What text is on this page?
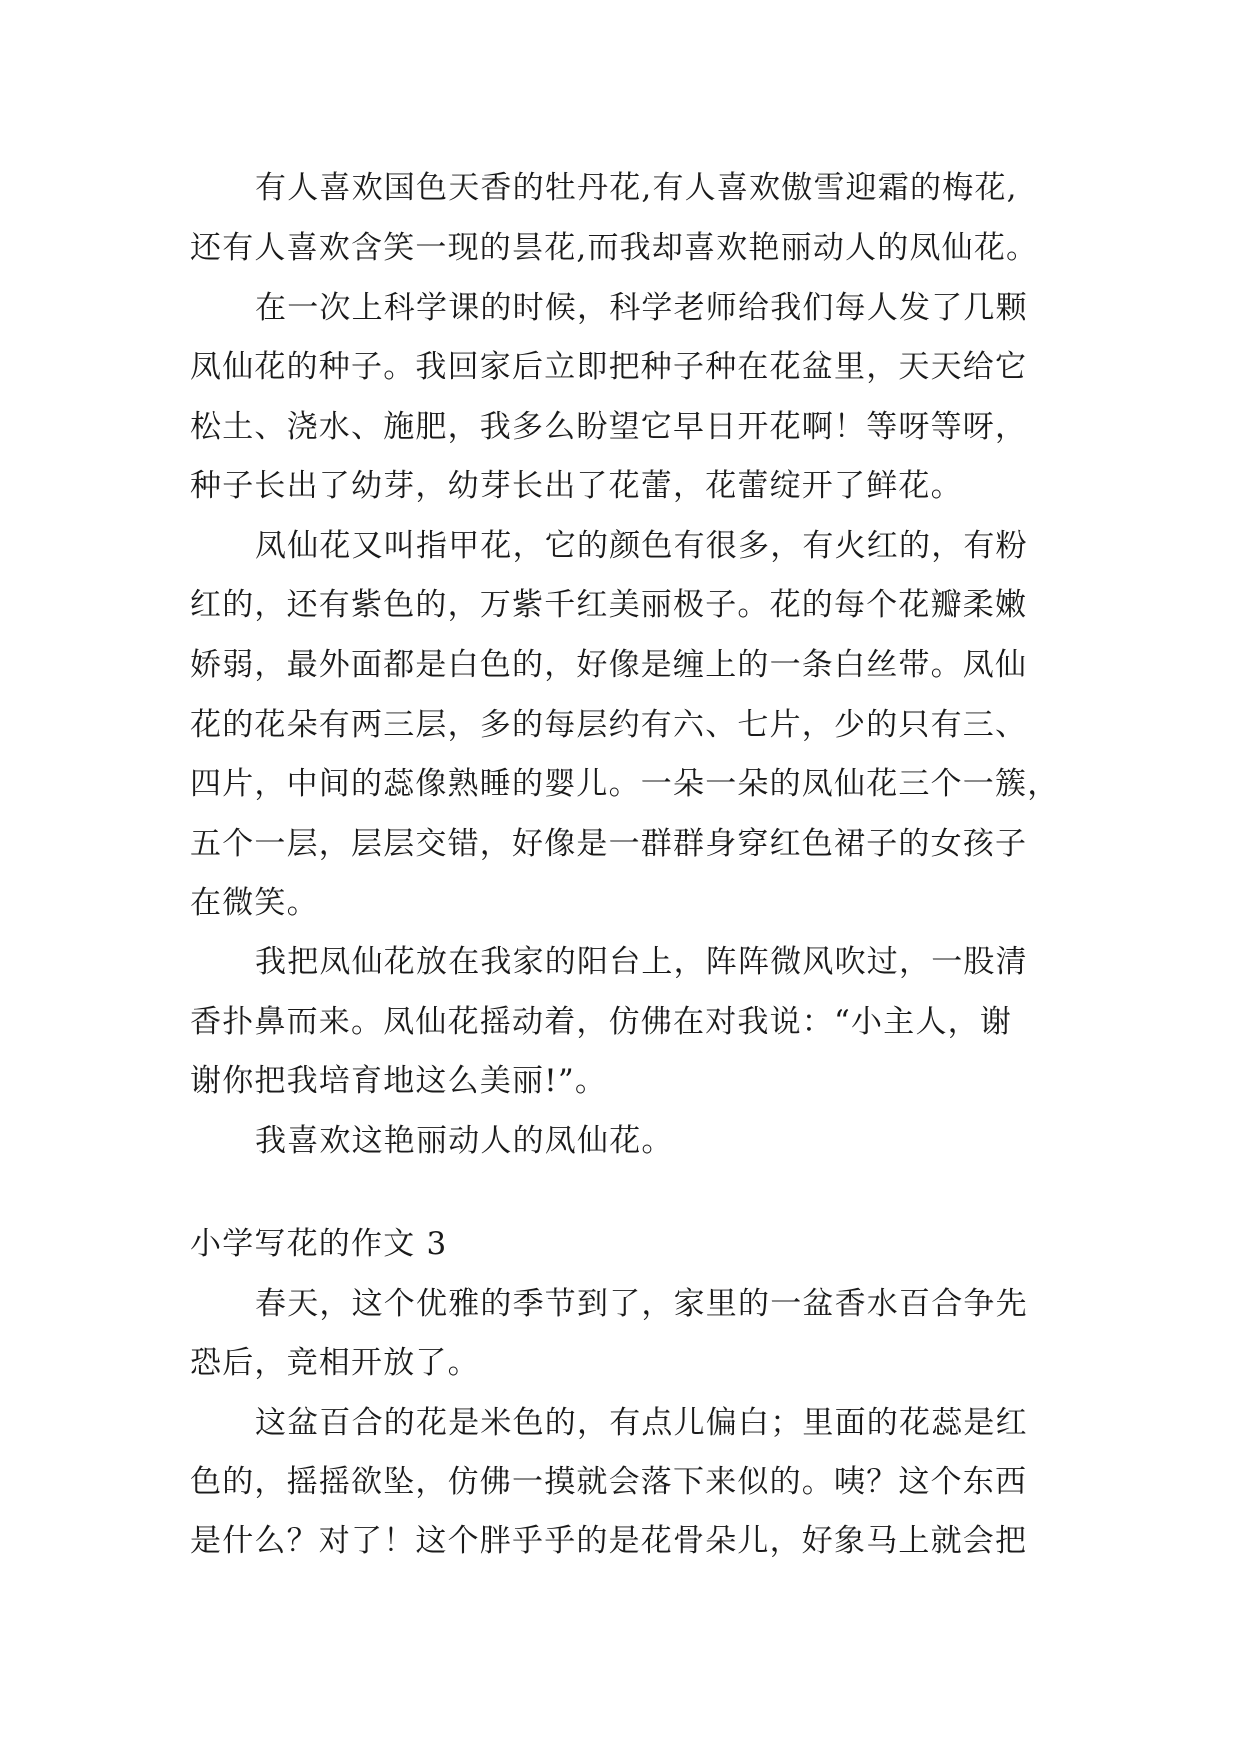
有人喜欢国色天香的牡丹花,有人喜欢傲雪迎霜的梅花,
还有人喜欢含笑一现的昙花,而我却喜欢艳丽动人的凤仙花。
在一次上科学课的时候，科学老师给我们每人发了几颗
凤仙花的种子。我回家后立即把种子种在花盆里，天天给它
松土、浇水、施肥，我多么盼望它早日开花啊！等呀等呀，
种子长出了幼芽，幼芽长出了花蕾，花蕾绽开了鲜花。
凤仙花又叫指甲花，它的颜色有很多，有火红的，有粉
红的，还有紫色的，万紫千红美丽极子。花的每个花瓣柔嫩
娇弱，最外面都是白色的，好像是缠上的一条白丝带。凤仙
花的花朵有两三层，多的每层约有六、七片，少的只有三、
四片，中间的蕊像熟睡的婴儿。一朵一朵的凤仙花三个一簇，
五个一层，层层交错，好像是一群群身穿红色裙子的女孩子
在微笑。
我把凤仙花放在我家的阳台上，阵阵微风吹过，一股清
香扑鼻而来。凤仙花摇动着，仿佛在对我说：“小主人，谢
谢你把我培育地这么美丽!”。
我喜欢这艳丽动人的凤仙花。
小学写花的作文 3
春天，这个优雅的季节到了，家里的一盆香水百合争先
恐后，竞相开放了。
这盆百合的花是米色的，有点儿偏白；里面的花蕊是红
色的，摇摇欲坠，仿佛一摸就会落下来似的。咦？这个东西
是什么？对了！这个胖乎乎的是花骨朵儿，好象马上就会把
